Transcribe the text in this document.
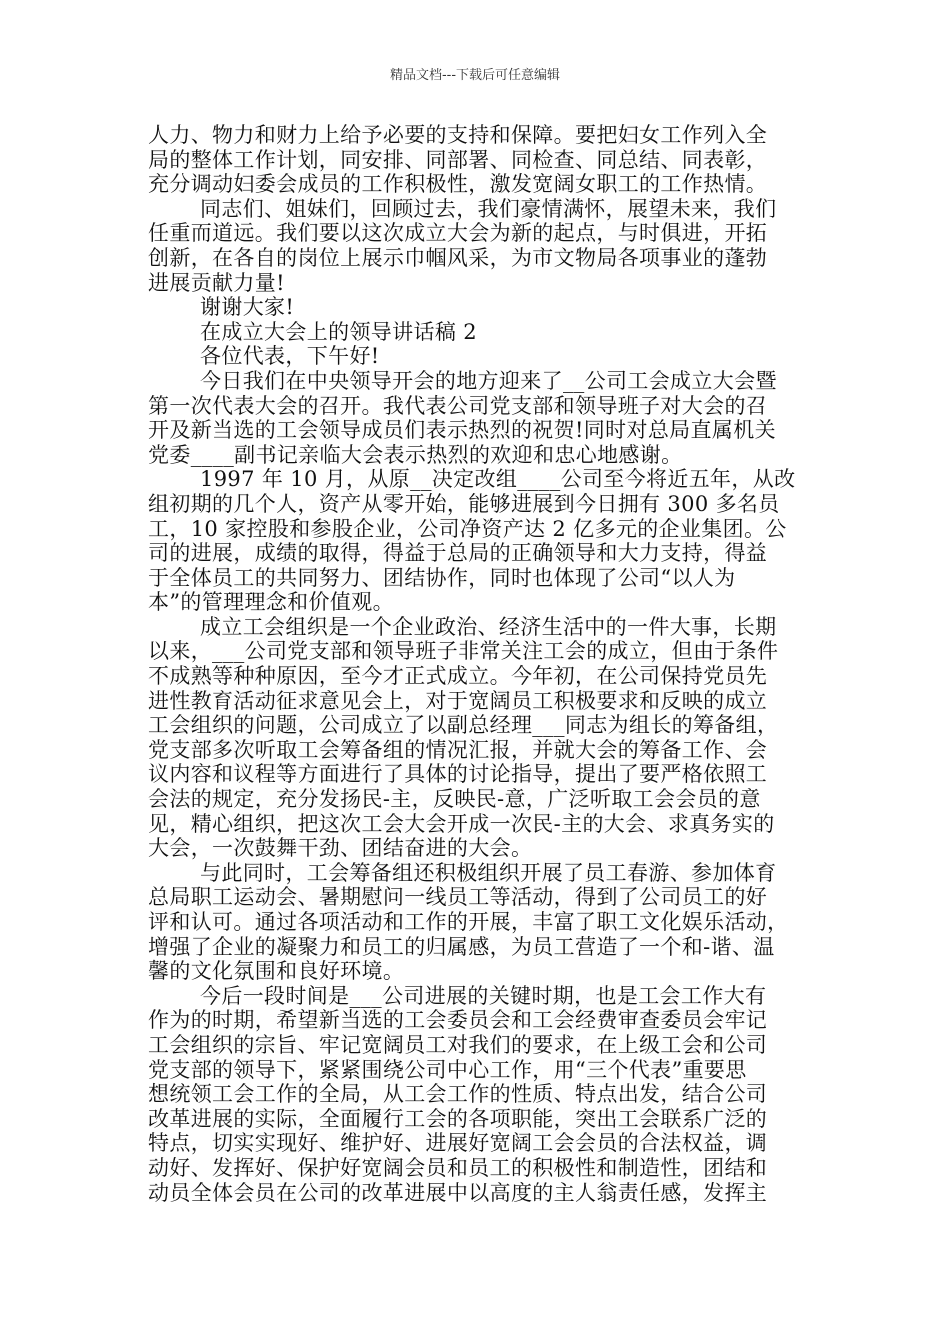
精品文档---下载后可任意编辑
人力、物力和财力上给予必要的支持和保障。要把妇女工作列入全
局的整体工作计划，同安排、同部署、同检查、同总结、同表彰，
充分调动妇委会成员的工作积极性，激发宽阔女职工的工作热情。
同志们、姐妹们，回顾过去，我们豪情满怀，展望未来，我们
任重而道远。我们要以这次成立大会为新的起点，与时俱进，开拓
创新，在各自的岗位上展示巾帼风采，为市文物局各项事业的蓬勃
进展贡献力量!
谢谢大家!
在成立大会上的领导讲话稿 2
各位代表，下午好!
今日我们在中央领导开会的地方迎来了__公司工会成立大会暨
第一次代表大会的召开。我代表公司党支部和领导班子对大会的召
开及新当选的工会领导成员们表示热烈的祝贺!同时对总局直属机关
党委____副书记亲临大会表示热烈的欢迎和忠心地感谢。
1997 年 10 月，从原__决定改组____公司至今将近五年，从改
组初期的几个人，资产从零开始，能够进展到今日拥有 300 多名员
工，10 家控股和参股企业，公司净资产达 2 亿多元的企业集团。公
司的进展，成绩的取得，得益于总局的正确领导和大力支持，得益
于全体员工的共同努力、团结协作，同时也体现了公司“以人为
本”的管理理念和价值观。
成立工会组织是一个企业政治、经济生活中的一件大事，长期
以来，___公司党支部和领导班子非常关注工会的成立，但由于条件
不成熟等种种原因，至今才正式成立。今年初，在公司保持党员先
进性教育活动征求意见会上，对于宽阔员工积极要求和反映的成立
工会组织的问题，公司成立了以副总经理___同志为组长的筹备组，
党支部多次听取工会筹备组的情况汇报，并就大会的筹备工作、会
议内容和议程等方面进行了具体的讨论指导，提出了要严格依照工
会法的规定，充分发扬民-主，反映民-意，广泛听取工会会员的意
见，精心组织，把这次工会大会开成一次民-主的大会、求真务实的
大会，一次鼓舞干劲、团结奋进的大会。
与此同时，工会筹备组还积极组织开展了员工春游、参加体育
总局职工运动会、暑期慰问一线员工等活动，得到了公司员工的好
评和认可。通过各项活动和工作的开展，丰富了职工文化娱乐活动，
增强了企业的凝聚力和员工的归属感，为员工营造了一个和-谐、温
馨的文化氛围和良好环境。
今后一段时间是___公司进展的关键时期，也是工会工作大有
作为的时期，希望新当选的工会委员会和工会经费审查委员会牢记
工会组织的宗旨、牢记宽阔员工对我们的要求，在上级工会和公司
党支部的领导下，紧紧围绕公司中心工作，用“三个代表”重要思
想统领工会工作的全局，从工会工作的性质、特点出发，结合公司
改革进展的实际，全面履行工会的各项职能，突出工会联系广泛的
特点，切实实现好、维护好、进展好宽阔工会会员的合法权益，调
动好、发挥好、保护好宽阔会员和员工的积极性和制造性，团结和
动员全体会员在公司的改革进展中以高度的主人翁责任感，发挥主
